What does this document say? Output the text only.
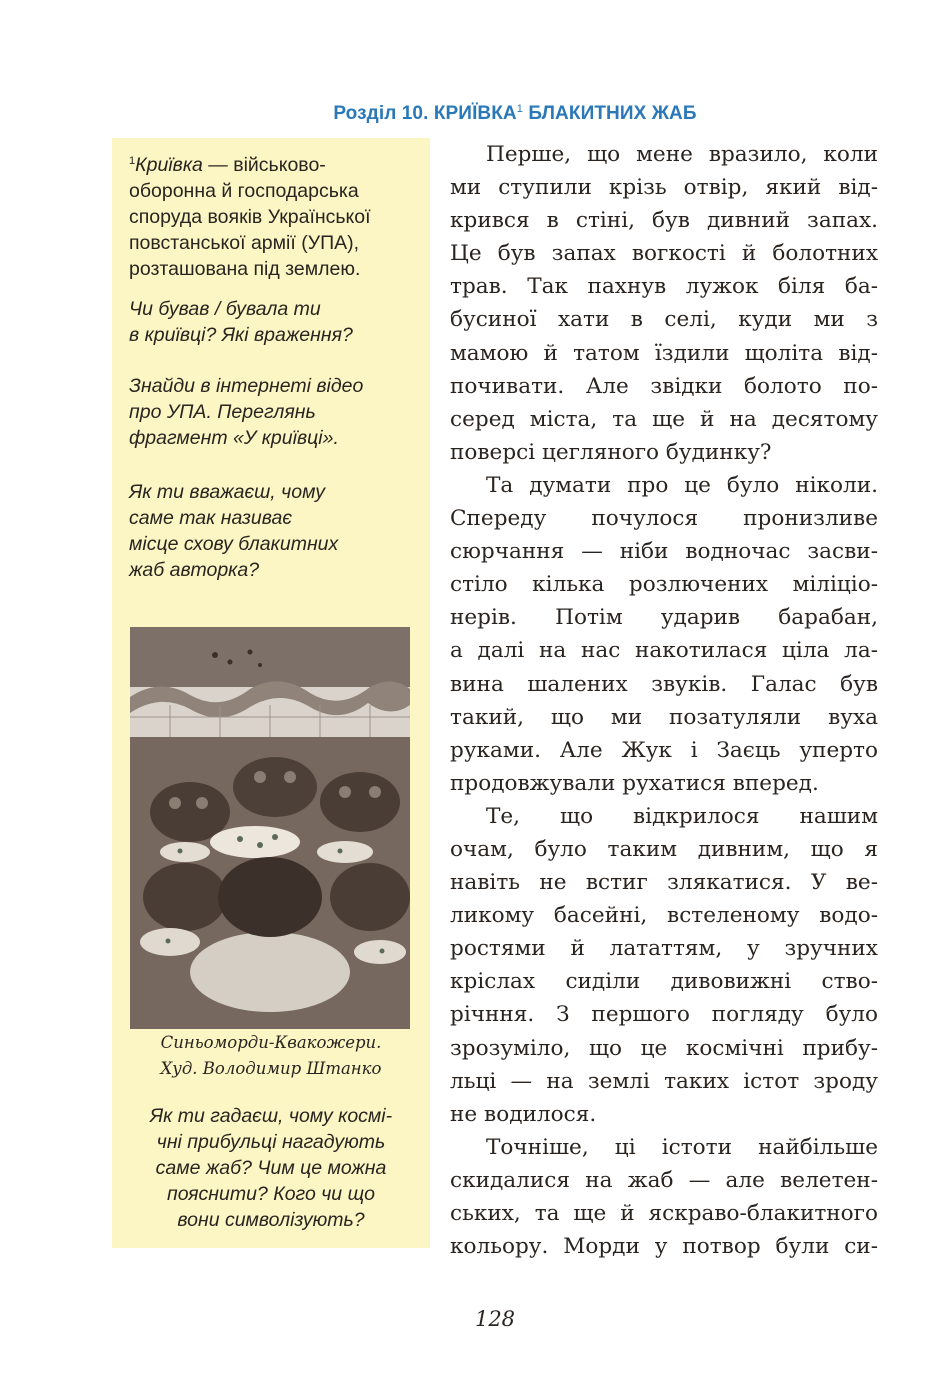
Розділ 10. КРИЇВКА$^1$ БЛАКИТНИХ ЖАБ
$^1$Криївка — військово-
оборонна й господарська
споруда вояків Української
повстанської армії (УПА),
розташована під землею.
Чи бував / бувала ти
в криївці? Які враження?
Знайди в інтернеті відео
про УПА. Переглянь
фрагмент «У криївці».
Як ти вважаєш, чому
саме так називає
місце схову блакитних
жаб авторка?
Синьоморди-Квакожери.
Худ. Володимир Штанко
Як ти гадаєш, чому космі-
чні прибульці нагадують
саме жаб? Чим це можна
пояснити? Кого чи що
вони символізують?
Перше, що мене вразило, коли
ми ступили крізь отвір, який від-
крився в стіні, був дивний запах.
Це був запах вогкості й болотних
трав. Так пахнув лужок біля ба-
бусиної хати в селі, куди ми з
мамою й татом їздили щоліта від-
почивати. Але звідки болото по-
серед міста, та ще й на десятому
поверсі цегляного будинку?
Та думати про це було ніколи.
Спереду почулося пронизливе
сюрчання — ніби водночас засви-
стіло кілька розлючених міліціо-
нерів. Потім ударив барабан,
а далі на нас накотилася ціла ла-
вина шалених звуків. Галас був
такий, що ми позатуляли вуха
руками. Але Жук і Заєць уперто
продовжували рухатися вперед.
Те, що відкрилося нашим
очам, було таким дивним, що я
навіть не встиг злякатися. У ве-
ликому басейні, встеленому водо-
ростями й лататтям, у зручних
кріслах сиділи дивовижні ство-
річння. З першого погляду було
зрозуміло, що це космічні прибу-
льці — на землі таких істот зроду
не водилося.
Точніше, ці істоти найбільше
скидалися на жаб — але велетен-
ських, та ще й яскраво-блакитного
кольору. Морди у потвор були си-
128
